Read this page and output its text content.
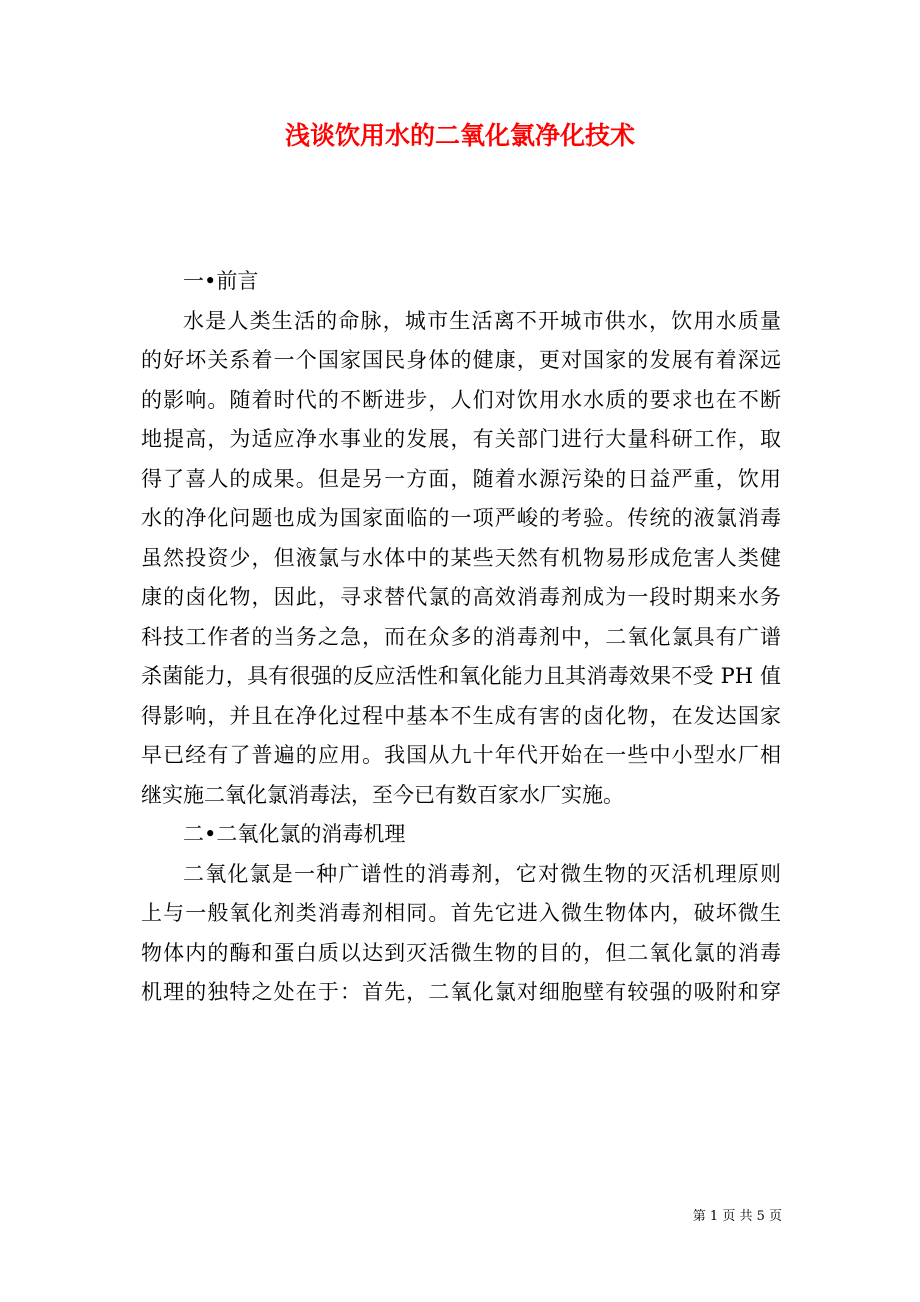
浅谈饮用水的二氧化氯净化技术
一•前言
水是人类生活的命脉，城市生活离不开城市供水，饮用水质量
的好坏关系着一个国家国民身体的健康，更对国家的发展有着深远
的影响。随着时代的不断进步，人们对饮用水水质的要求也在不断
地提高，为适应净水事业的发展，有关部门进行大量科研工作，取
得了喜人的成果。但是另一方面，随着水源污染的日益严重，饮用
水的净化问题也成为国家面临的一项严峻的考验。传统的液氯消毒
虽然投资少，但液氯与水体中的某些天然有机物易形成危害人类健
康的卤化物，因此，寻求替代氯的高效消毒剂成为一段时期来水务
科技工作者的当务之急，而在众多的消毒剂中，二氧化氯具有广谱
杀菌能力，具有很强的反应活性和氧化能力且其消毒效果不受 PH 值
得影响，并且在净化过程中基本不生成有害的卤化物，在发达国家
早已经有了普遍的应用。我国从九十年代开始在一些中小型水厂相
继实施二氧化氯消毒法，至今已有数百家水厂实施。
二•二氧化氯的消毒机理
二氧化氯是一种广谱性的消毒剂，它对微生物的灭活机理原则
上与一般氧化剂类消毒剂相同。首先它进入微生物体内，破坏微生
物体内的酶和蛋白质以达到灭活微生物的目的，但二氧化氯的消毒
机理的独特之处在于：首先，二氧化氯对细胞壁有较强的吸附和穿
第 1 页 共 5 页
